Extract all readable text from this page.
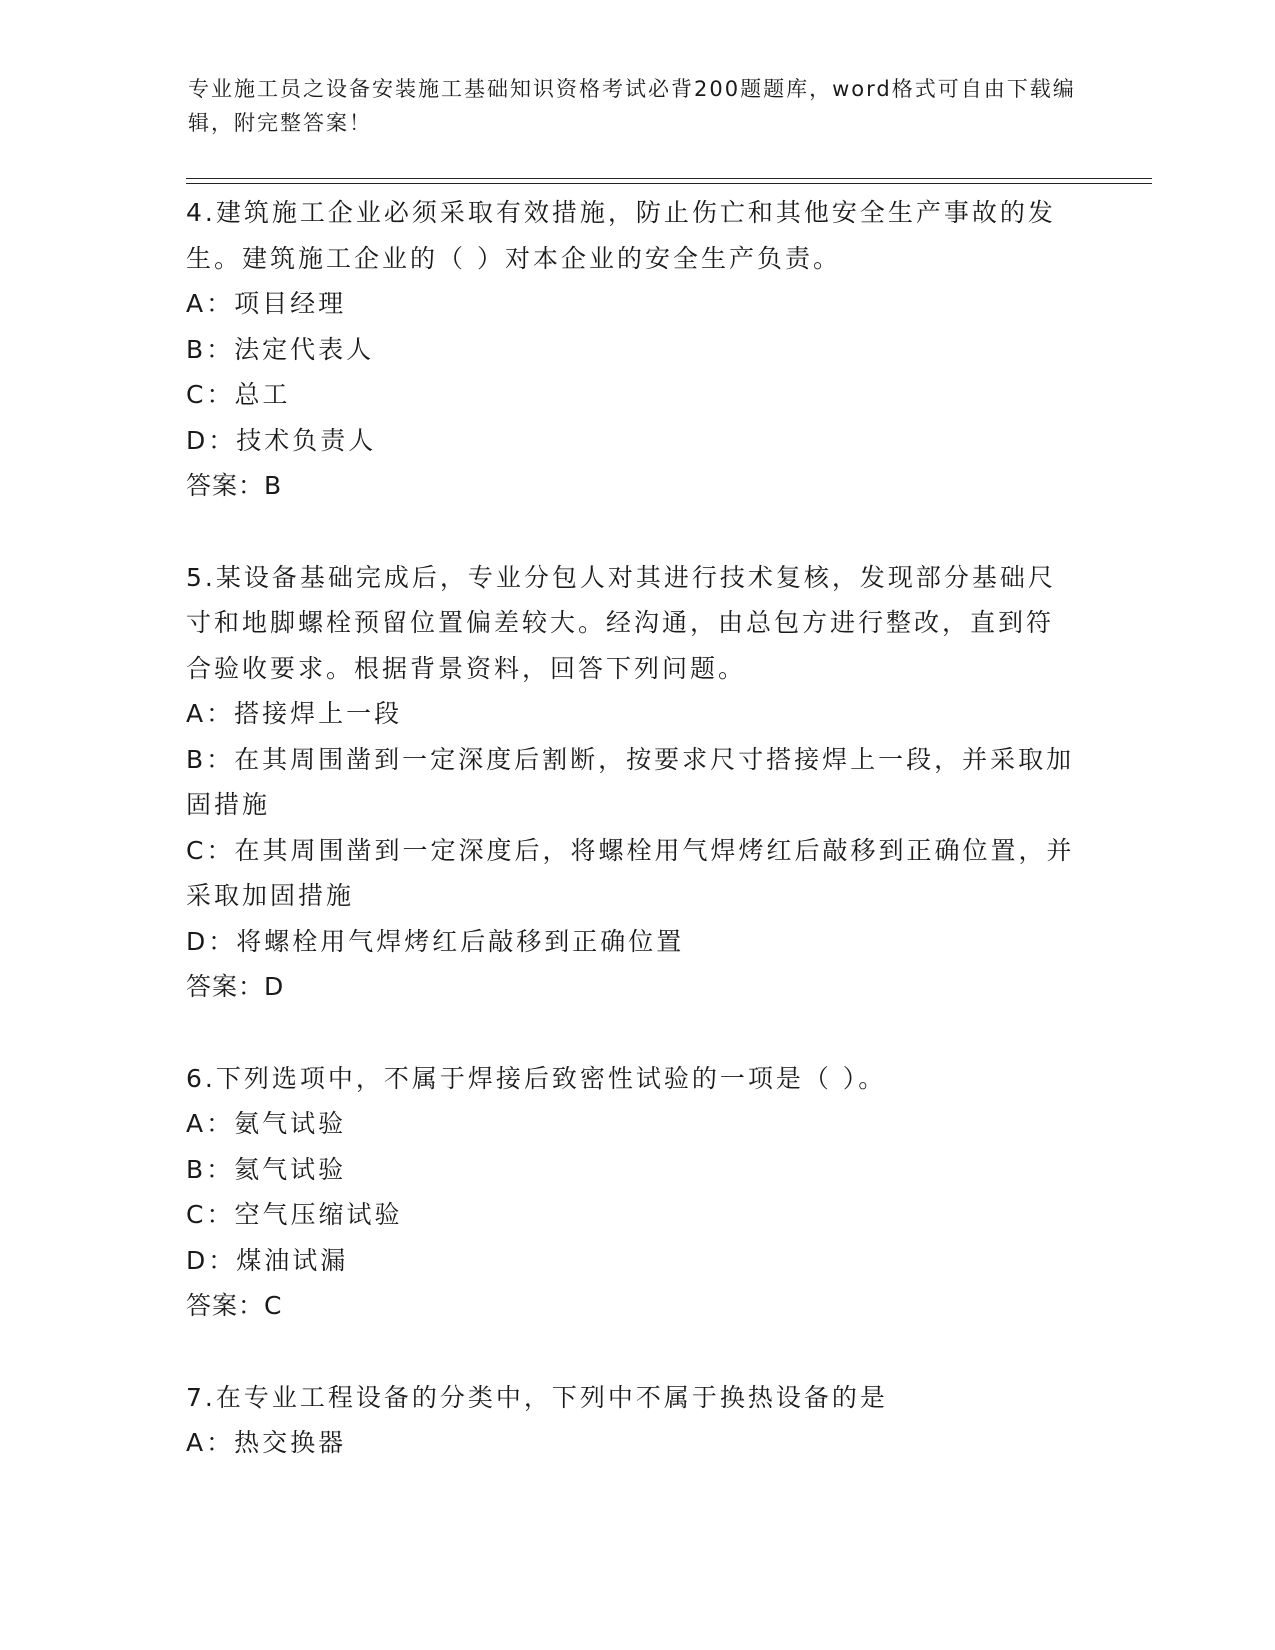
专业施工员之设备安装施工基础知识资格考试必背200题题库，word格式可自由下载编辑，附完整答案！

4.建筑施工企业必须采取有效措施，防止伤亡和其他安全生产事故的发生。建筑施工企业的（ ）对本企业的安全生产负责。

A：项目经理

B：法定代表人

C：总工

D：技术负责人

答案：B

5.某设备基础完成后，专业分包人对其进行技术复核，发现部分基础尺寸和地脚螺栓预留位置偏差较大。经沟通，由总包方进行整改，直到符合验收要求。根据背景资料，回答下列问题。

A：搭接焊上一段

B：在其周围凿到一定深度后割断，按要求尺寸搭接焊上一段，并采取加固措施

C：在其周围凿到一定深度后，将螺栓用气焊烤红后敲移到正确位置，并采取加固措施

D：将螺栓用气焊烤红后敲移到正确位置

答案：D

6.下列选项中，不属于焊接后致密性试验的一项是（ ）。

A：氨气试验

B：氦气试验

C：空气压缩试验

D：煤油试漏

答案：C

7.在专业工程设备的分类中，下列中不属于换热设备的是

A：热交换器
